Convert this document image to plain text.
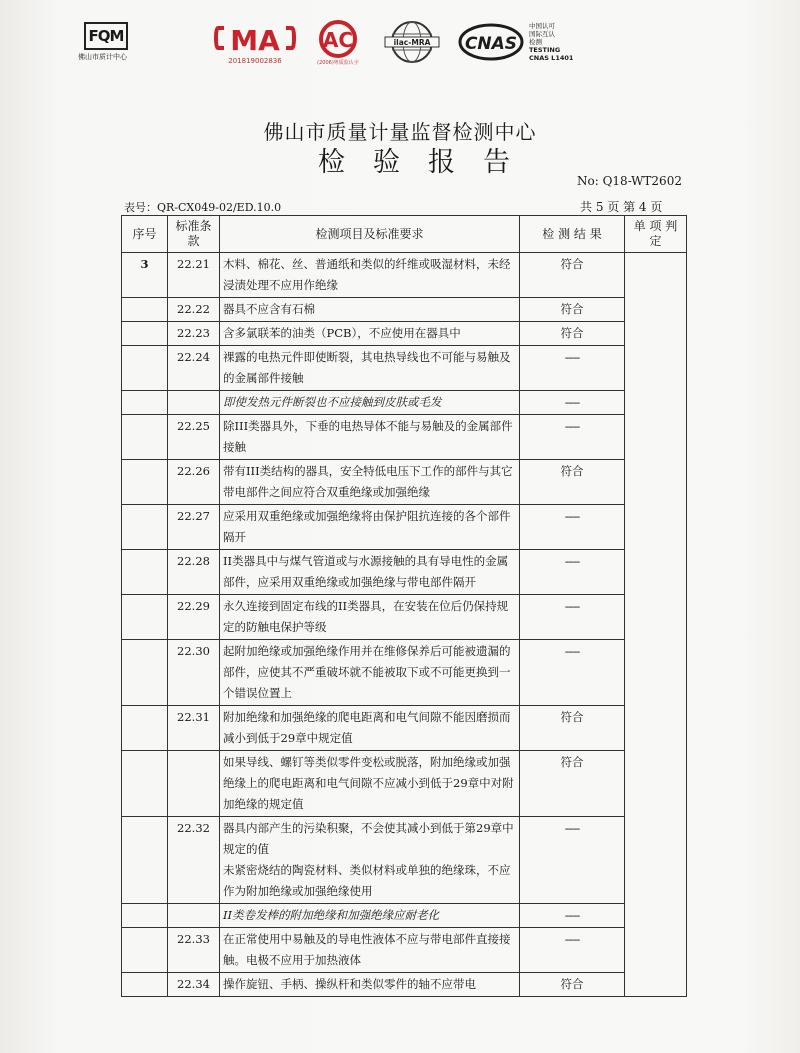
FQM
佛山市质计中心	MA
201819002836
AC
(2006)粤质监认字
ilac-MRA CNAS
中国认可
国际互认
检测
TESTING
CNAS L1401
佛山市质量计量监督检测中心
检验报告
No: Q18-WT2602
表号：QR-CX049-02/ED.10.0	共 5 页 第 4 页
序号	标准条款	检测项目及标准要求	检 测 结 果	单 项 判 定
3	22.21	木料、棉花、丝、普通纸和类似的纤维或吸湿材料，未经浸渍处理不应用作绝缘	符合	
	22.22	器具不应含有石棉	符合	
	22.23	含多氯联苯的油类（PCB），不应使用在器具中	符合	
	22.24	裸露的电热元件即使断裂，其电热导线也不可能与易触及的金属部件接触	-----	
		即使发热元件断裂也不应接触到皮肤或毛发	-----	
	22.25	除III类器具外，下垂的电热导体不能与易触及的金属部件接触	-----	
	22.26	带有III类结构的器具，安全特低电压下工作的部件与其它带电部件之间应符合双重绝缘或加强绝缘	符合	
	22.27	应采用双重绝缘或加强绝缘将由保护阻抗连接的各个部件隔开	-----	
	22.28	II类器具中与煤气管道或与水源接触的具有导电性的金属部件，应采用双重绝缘或加强绝缘与带电部件隔开	-----	
	22.29	永久连接到固定布线的II类器具，在安装在位后仍保持规定的防触电保护等级	-----	
	22.30	起附加绝缘或加强绝缘作用并在维修保养后可能被遗漏的部件，应使其不严重破坏就不能被取下或不可能更换到一个错误位置上	-----	
	22.31	附加绝缘和加强绝缘的爬电距离和电气间隙不能因磨损而减小到低于29章中规定值	符合	
		如果导线、螺钉等类似零件变松或脱落，附加绝缘或加强绝缘上的爬电距离和电气间隙不应减小到低于29章中对附加绝缘的规定值	符合	
	22.32	器具内部产生的污染积聚，不会使其减小到低于第29章中规定的值
未紧密烧结的陶瓷材料、类似材料或单独的绝缘珠，不应作为附加绝缘或加强绝缘使用	-----	
		II类卷发棒的附加绝缘和加强绝缘应耐老化	-----	
	22.33	在正常使用中易触及的导电性液体不应与带电部件直接接触。电极不应用于加热液体	-----	
	22.34	操作旋钮、手柄、操纵杆和类似零件的轴不应带电	符合	
